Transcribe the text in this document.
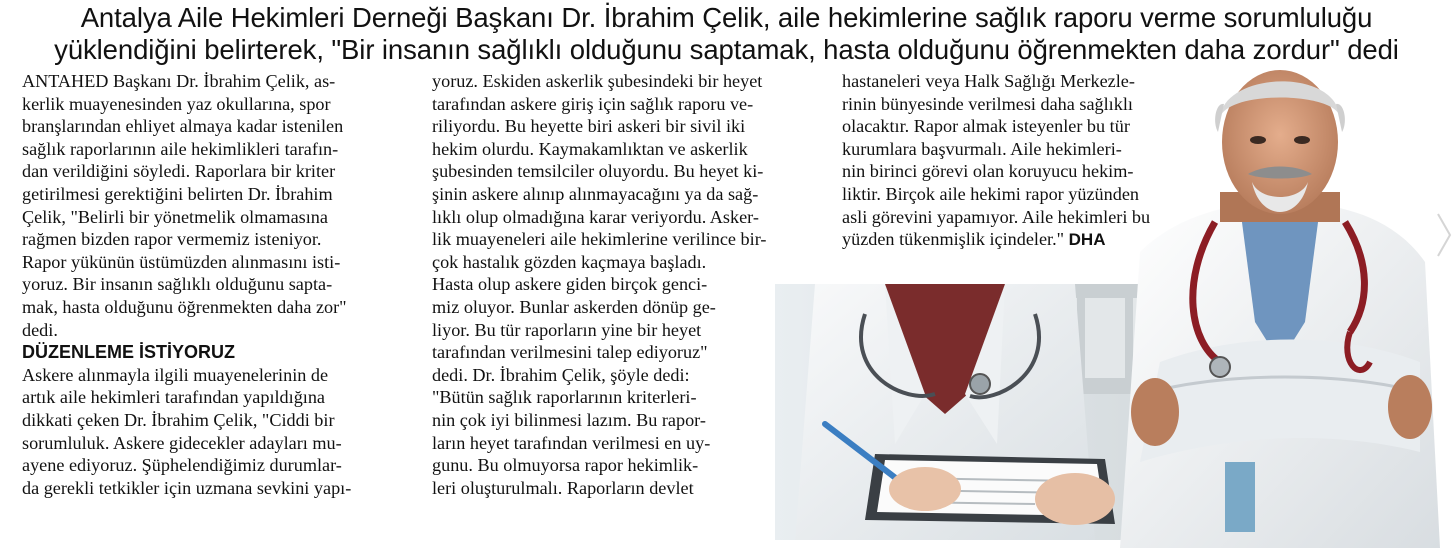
Antalya Aile Hekimleri Derneği Başkanı Dr. İbrahim Çelik, aile hekimlerine sağlık raporu verme sorumluluğu
yüklendiğini belirterek, "Bir insanın sağlıklı olduğunu saptamak, hasta olduğunu öğrenmekten daha zordur" dedi

ANTAHED Başkanı Dr. İbrahim Çelik, as-
kerlik muayenesinden yaz okullarına, spor
branşlarından ehliyet almaya kadar istenilen
sağlık raporlarının aile hekimlikleri tarafın-
dan verildiğini söyledi. Raporlara bir kriter
getirilmesi gerektiğini belirten Dr. İbrahim
Çelik, "Belirli bir yönetmelik olmamasına
rağmen bizden rapor vermemiz isteniyor.
Rapor yükünün üstümüzden alınmasını isti-
yoruz. Bir insanın sağlıklı olduğunu sapta-
mak, hasta olduğunu öğrenmekten daha zor"
dedi.

DÜZENLEME İSTİYORUZ

Askere alınmayla ilgili muayenelerinin de
artık aile hekimleri tarafından yapıldığına
dikkati çeken Dr. İbrahim Çelik, "Ciddi bir
sorumluluk. Askere gidecekler adayları mu-
ayene ediyoruz. Şüphelendiğimiz durumlar-
da gerekli tetkikler için uzmana sevkini yapı-

yoruz. Eskiden askerlik şubesindeki bir heyet
tarafından askere giriş için sağlık raporu ve-
riliyordu. Bu heyette biri askeri bir sivil iki
hekim olurdu. Kaymakamlıktan ve askerlik
şubesinden temsilciler oluyordu. Bu heyet ki-
şinin askere alınıp alınmayacağını ya da sağ-
lıklı olup olmadığına karar veriyordu. Asker-
lik muayeneleri aile hekimlerine verilince bir-
çok hastalık gözden kaçmaya başladı.
Hasta olup askere giden birçok genci-
miz oluyor. Bunlar askerden dönüp ge-
liyor. Bu tür raporların yine bir heyet
tarafından verilmesini talep ediyoruz"
dedi. Dr. İbrahim Çelik, şöyle dedi:
"Bütün sağlık raporlarının kriterleri-
nin çok iyi bilinmesi lazım. Bu rapor-
ların heyet tarafından verilmesi en uy-
gunu. Bu olmuyorsa rapor hekimlik-
leri oluşturulmalı. Raporların devlet

hastaneleri veya Halk Sağlığı Merkezle-
rinin bünyesinde verilmesi daha sağlıklı
olacaktır. Rapor almak isteyenler bu tür
kurumlara başvurmalı. Aile hekimleri-
nin birinci görevi olan koruyucu hekim-
liktir. Birçok aile hekimi rapor yüzünden
asli görevini yapamıyor. Aile hekimleri bu
yüzden tükenmişlik içindeler." DHA
